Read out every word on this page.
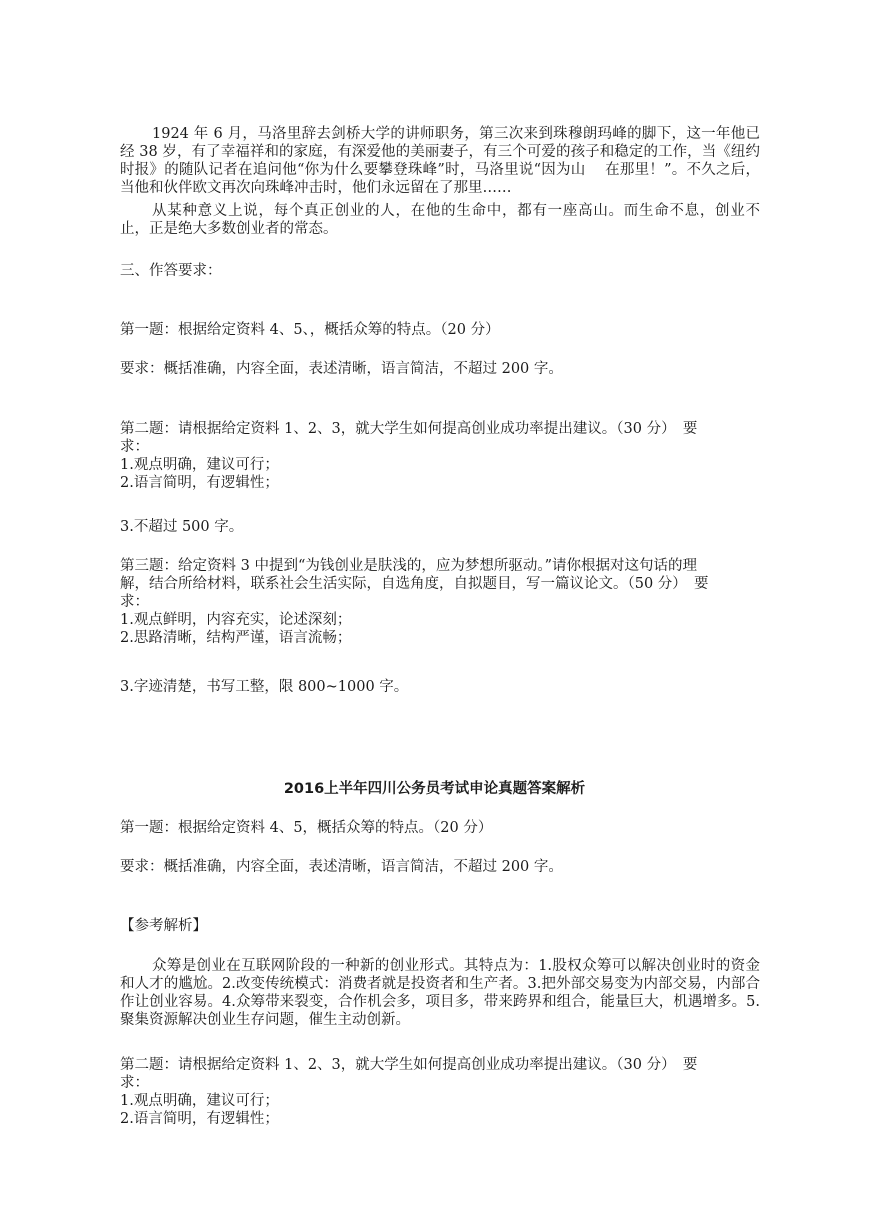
1924 年 6 月，马洛里辞去剑桥大学的讲师职务，第三次来到珠穆朗玛峰的脚下，这一年他已经 38 岁，有了幸福祥和的家庭，有深爱他的美丽妻子，有三个可爱的孩子和稳定的工作，当《纽约时报》的随队记者在追问他“你为什么要攀登珠峰”时，马洛里说“因为山　 在那里！”。不久之后，当他和伙伴欧文再次向珠峰冲击时，他们永远留在了那里……

从某种意义上说，每个真正创业的人，在他的生命中，都有一座高山。而生命不息，创业不止，正是绝大多数创业者的常态。

三、作答要求：

第一题：根据给定资料 4、5、，概括众筹的特点。（20 分）

要求：概括准确，内容全面，表述清晰，语言简洁，不超过 200 字。

第二题：请根据给定资料 1、2、3，就大学生如何提高创业成功率提出建议。（30 分）　要
求：
1.观点明确，建议可行；
2.语言简明，有逻辑性；

3.不超过 500 字。

第三题：给定资料 3 中提到“为钱创业是肤浅的，应为梦想所驱动。”请你根据对这句话的理
解，结合所给材料，联系社会生活实际，自选角度，自拟题目，写一篇议论文。（50 分）　要
求：
1.观点鲜明，内容充实，论述深刻；
2.思路清晰，结构严谨，语言流畅；

3.字迹清楚，书写工整，限 800~1000 字。

2016上半年四川公务员考试申论真题答案解析

第一题：根据给定资料 4、5，概括众筹的特点。（20 分）

要求：概括准确，内容全面，表述清晰，语言简洁，不超过 200 字。

【参考解析】

众筹是创业在互联网阶段的一种新的创业形式。其特点为：1.股权众筹可以解决创业时的资金和人才的尴尬。2.改变传统模式：消费者就是投资者和生产者。3.把外部交易变为内部交易，内部合作让创业容易。4.众筹带来裂变，合作机会多，项目多，带来跨界和组合，能量巨大，机遇增多。5.聚集资源解决创业生存问题，催生主动创新。

第二题：请根据给定资料 1、2、3，就大学生如何提高创业成功率提出建议。（30 分）　要
求：
1.观点明确，建议可行；
2.语言简明，有逻辑性；
